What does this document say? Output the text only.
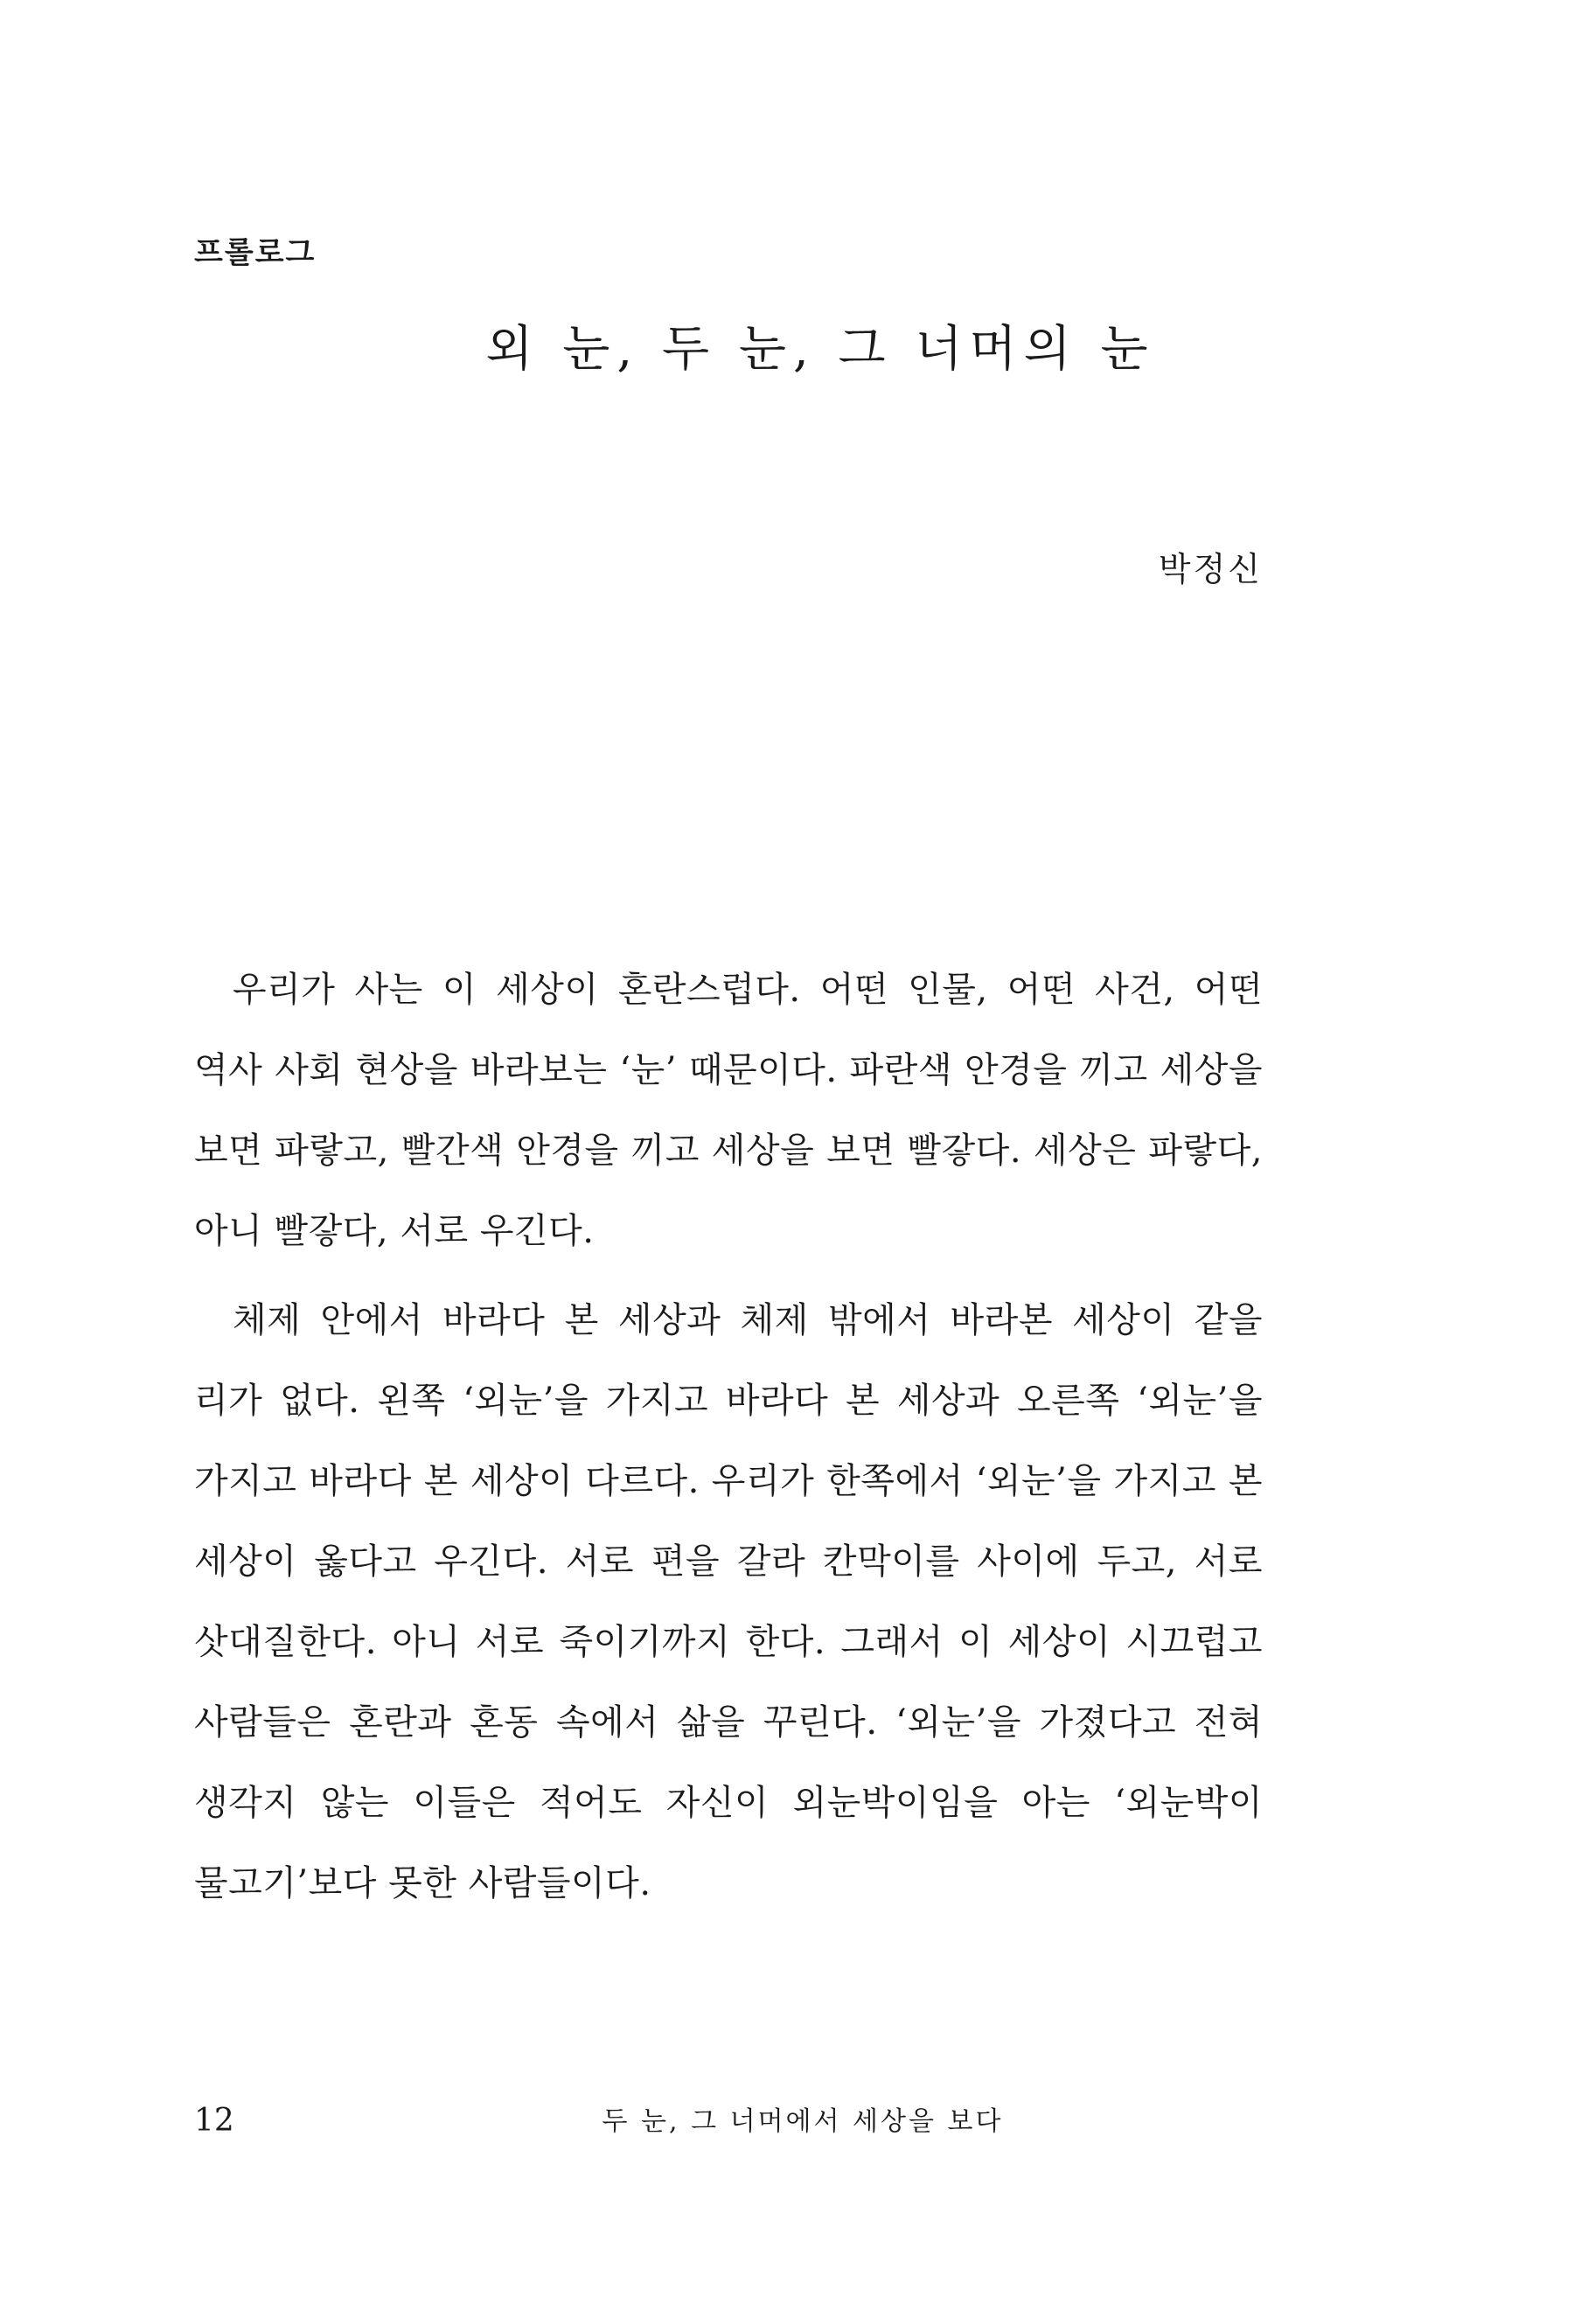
프롤로그
외 눈, 두 눈, 그 너머의 눈
박정신

우리가 사는 이 세상이 혼란스럽다. 어떤 인물, 어떤 사건, 어떤 역사 사회 현상을 바라보는 ‘눈’ 때문이다. 파란색 안경을 끼고 세상을 보면 파랗고, 빨간색 안경을 끼고 세상을 보면 빨갛다. 세상은 파랗다, 아니 빨갛다, 서로 우긴다.

체제 안에서 바라다 본 세상과 체제 밖에서 바라본 세상이 같을 리가 없다. 왼쪽 ‘외눈’을 가지고 바라다 본 세상과 오른쪽 ‘외눈’을 가지고 바라다 본 세상이 다르다. 우리가 한쪽에서 ‘외눈’을 가지고 본 세상이 옳다고 우긴다. 서로 편을 갈라 칸막이를 사이에 두고, 서로 삿대질한다. 아니 서로 죽이기까지 한다. 그래서 이 세상이 시끄럽고 사람들은 혼란과 혼동 속에서 삶을 꾸린다. ‘외눈’을 가졌다고 전혀 생각지 않는 이들은 적어도 자신이 외눈박이임을 아는 ‘외눈박이 물고기’보다 못한 사람들이다.

12	두 눈, 그 너머에서 세상을 보다
